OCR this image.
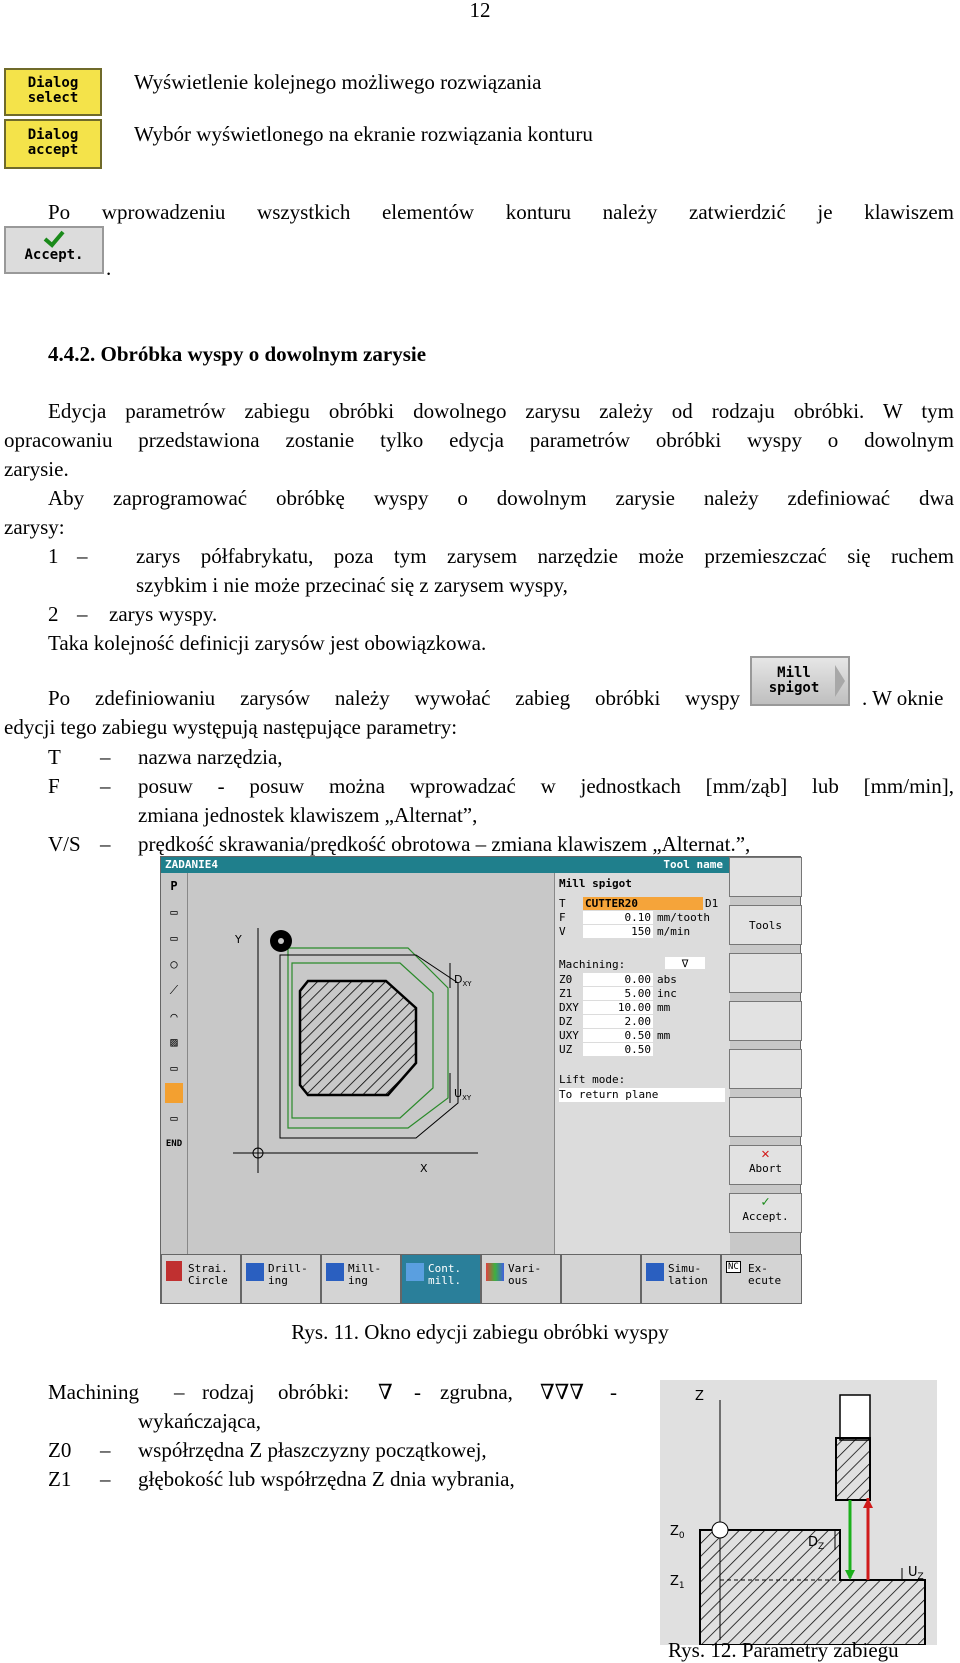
12
Dialog
select
Wyświetlenie kolejnego możliwego rozwiązania
Dialog
accept
Wybór wyświetlonego na ekranie rozwiązania konturu
Po wprowadzeniu wszystkich elementów konturu należy zatwierdzić je klawiszem
Accept.
.
4.4.2. Obróbka wyspy o dowolnym zarysie
Edycja parametrów zabiegu obróbki dowolnego zarysu zależy od rodzaju obróbki. W tym
opracowaniu przedstawiona zostanie tylko edycja parametrów obróbki wyspy o dowolnym
zarysie.
Aby zaprogramować obróbkę wyspy o dowolnym zarysie należy zdefiniować dwa
zarysy:
1 – zarys półfabrykatu, poza tym zarysem narzędzie może przemieszczać się ruchem
szybkim i nie może przecinać się z zarysem wyspy,
2 – zarys wyspy.
Taka kolejność definicji zarysów jest obowiązkowa.
Po zdefiniowaniu zarysów należy wywołać zabieg obróbki wyspy
Mill
spigot	. W oknie
edycji tego zabiegu występują następujące parametry:
T – nazwa narzędzia,
F – posuw - posuw można wprowadzać w jednostkach [mm/ząb] lub [mm/min],
zmiana jednostek klawiszem „Alternat”,
V/S – prędkość skrawania/prędkość obrotowa – zmiana klawiszem „Alternat.”,
ZADANIE4	Tool name
P
▭
▭
○
⟋
⌒
▨
▭
▭
END
Y
X
$D_{XY}$
$U_{XY}$
Mill spigot
T CUTTER20	D1
F	0.10 mm/tooth
V	150 m/min
Machining:	∇
Z0	0.00 abs
Z1	5.00 inc
DXY	10.00 mm
DZ	2.00
UXY	0.50 mm
UZ	0.50
Lift mode:
To return plane
Tools
✕
Abort
✓
Accept.
Strai.
Circle
Drill-
ing
Mill-
ing
Cont.
mill.
Vari-
ous
Simu-
lation
NC Ex-
ecute
Rys. 11. Okno edycji zabiegu obróbki wyspy
Machining – rodzaj obróbki: ∇ - zgrubna, ∇∇∇ -
wykańczająca,
Z0 – współrzędna Z płaszczyzny początkowej,
Z1 – głębokość lub współrzędna Z dnia wybrania,
Z
$Z_0$
$Z_1$
$D_Z$
$U_Z$
Rys. 12. Parametry zabiegu
